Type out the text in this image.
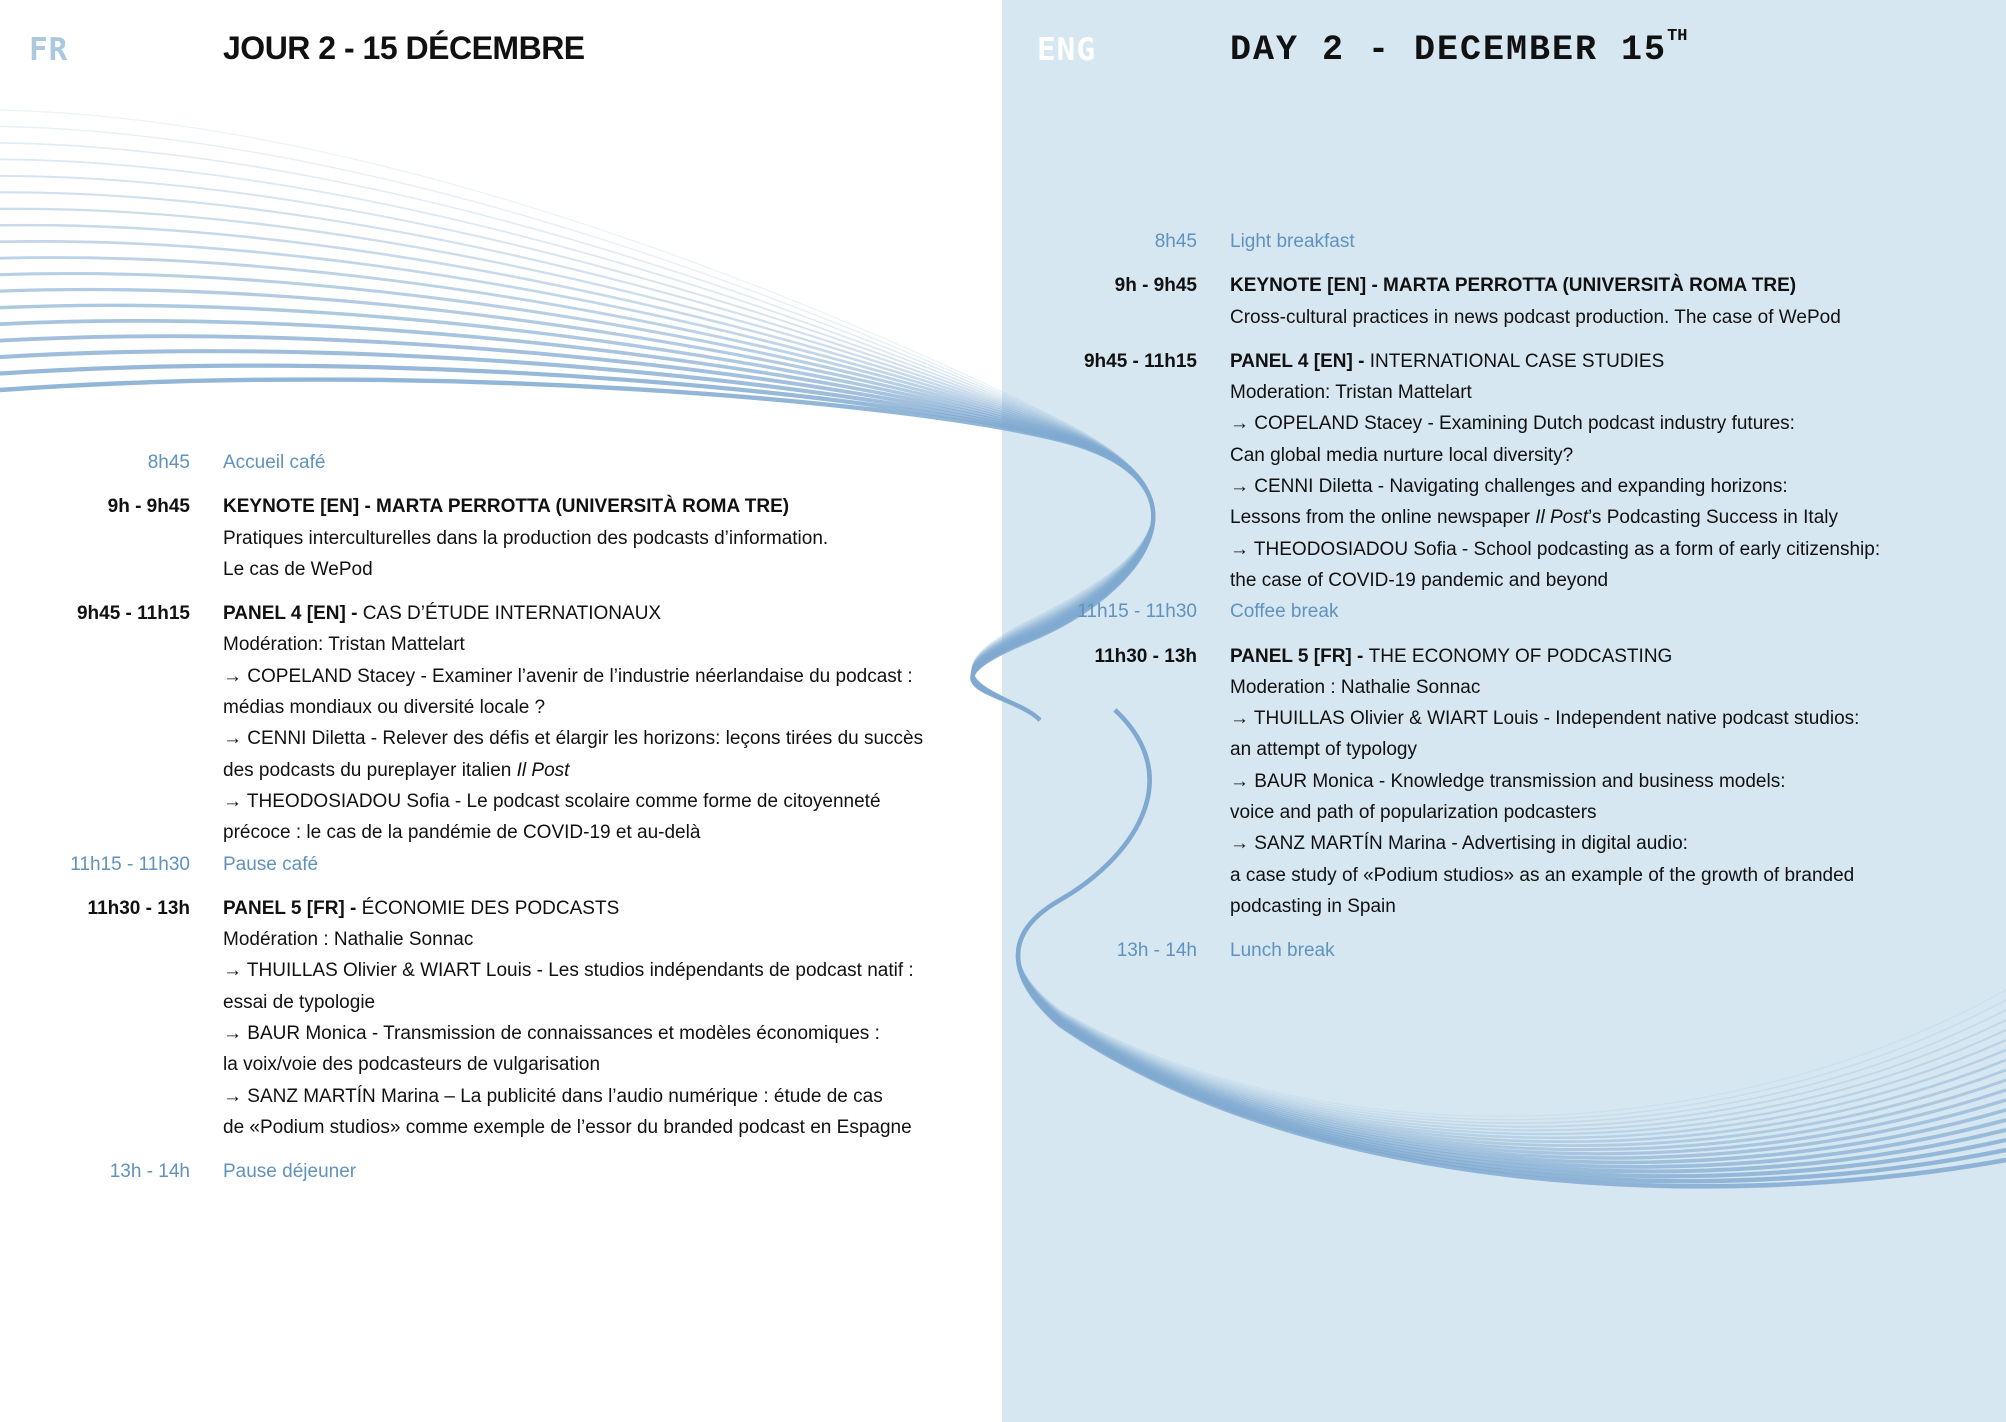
FR	JOUR 2 - 15 DÉCEMBRE	ENG	DAY 2 - DECEMBER 15TH
8h45 Accueil café
9h - 9h45 KEYNOTE [EN] - MARTA PERROTTA (UNIVERSITÀ ROMA TRE)
Pratiques interculturelles dans la production des podcasts d’information.
Le cas de WePod
9h45 - 11h15 PANEL 4 [EN] - CAS D’ÉTUDE INTERNATIONAUX
Modération: Tristan Mattelart
→ COPELAND Stacey - Examiner l’avenir de l’industrie néerlandaise du podcast :
médias mondiaux ou diversité locale ?
→ CENNI Diletta - Relever des défis et élargir les horizons: leçons tirées du succès
des podcasts du pureplayer italien Il Post
→ THEODOSIADOU Sofia - Le podcast scolaire comme forme de citoyenneté
précoce : le cas de la pandémie de COVID-19 et au-delà
11h15 - 11h30 Pause café
11h30 - 13h PANEL 5 [FR] - ÉCONOMIE DES PODCASTS
Modération : Nathalie Sonnac
→ THUILLAS Olivier & WIART Louis - Les studios indépendants de podcast natif :
essai de typologie
→ BAUR Monica - Transmission de connaissances et modèles économiques :
la voix/voie des podcasteurs de vulgarisation
→ SANZ MARTÍN Marina – La publicité dans l’audio numérique : étude de cas
de «Podium studios» comme exemple de l’essor du branded podcast en Espagne
13h - 14h Pause déjeuner
8h45 Light breakfast
9h - 9h45 KEYNOTE [EN] - MARTA PERROTTA (UNIVERSITÀ ROMA TRE)
Cross-cultural practices in news podcast production. The case of WePod
9h45 - 11h15 PANEL 4 [EN] - INTERNATIONAL CASE STUDIES
Moderation: Tristan Mattelart
→ COPELAND Stacey - Examining Dutch podcast industry futures:
Can global media nurture local diversity?
→ CENNI Diletta - Navigating challenges and expanding horizons:
Lessons from the online newspaper Il Post’s Podcasting Success in Italy
→ THEODOSIADOU Sofia - School podcasting as a form of early citizenship:
the case of COVID-19 pandemic and beyond
11h15 - 11h30 Coffee break
11h30 - 13h PANEL 5 [FR] - THE ECONOMY OF PODCASTING
Moderation : Nathalie Sonnac
→ THUILLAS Olivier & WIART Louis - Independent native podcast studios:
an attempt of typology
→ BAUR Monica - Knowledge transmission and business models:
voice and path of popularization podcasters
→ SANZ MARTÍN Marina - Advertising in digital audio:
a case study of «Podium studios» as an example of the growth of branded
podcasting in Spain
13h - 14h Lunch break
